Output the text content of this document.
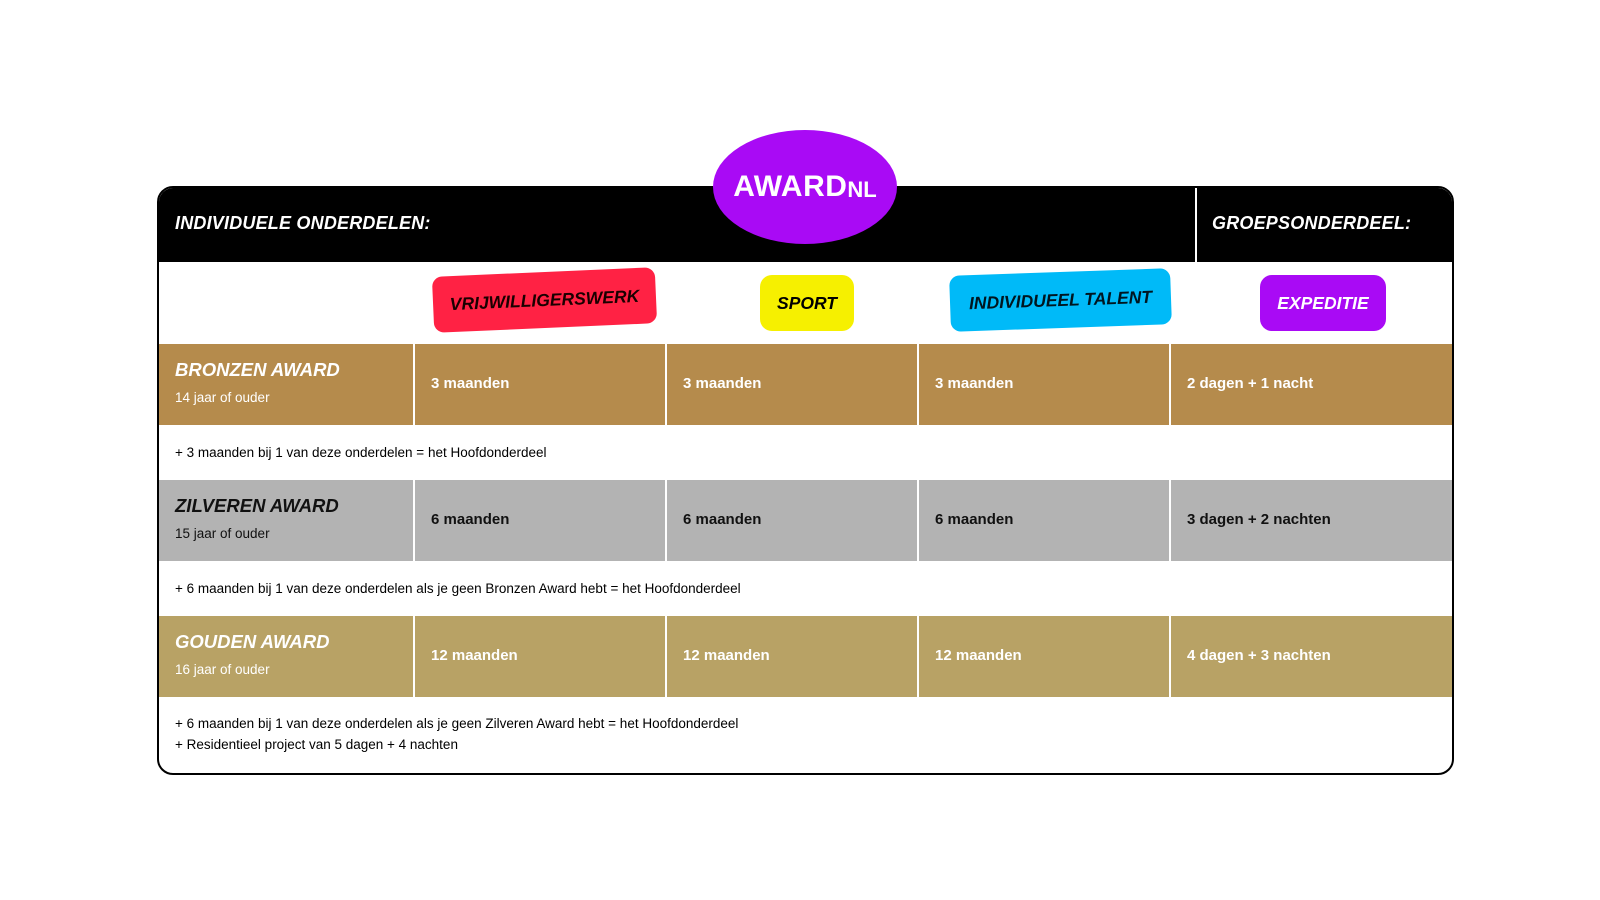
AWARD NL
INDIVIDUELE ONDERDELEN:	GROEPSONDERDEEL:
VRIJWILLIGERSWERK	SPORT	INDIVIDUEEL TALENT	EXPEDITIE
BRONZEN AWARD
14 jaar of ouder
3 maanden	3 maanden	3 maanden	2 dagen + 1 nacht
+ 3 maanden bij 1 van deze onderdelen = het Hoofdonderdeel
ZILVEREN AWARD
15 jaar of ouder
6 maanden	6 maanden	6 maanden	3 dagen + 2 nachten
+ 6 maanden bij 1 van deze onderdelen als je geen Bronzen Award hebt = het Hoofdonderdeel
GOUDEN AWARD
16 jaar of ouder
12 maanden	12 maanden	12 maanden	4 dagen + 3 nachten
+ 6 maanden bij 1 van deze onderdelen als je geen Zilveren Award hebt = het Hoofdonderdeel
+ Residentieel project van 5 dagen + 4 nachten
